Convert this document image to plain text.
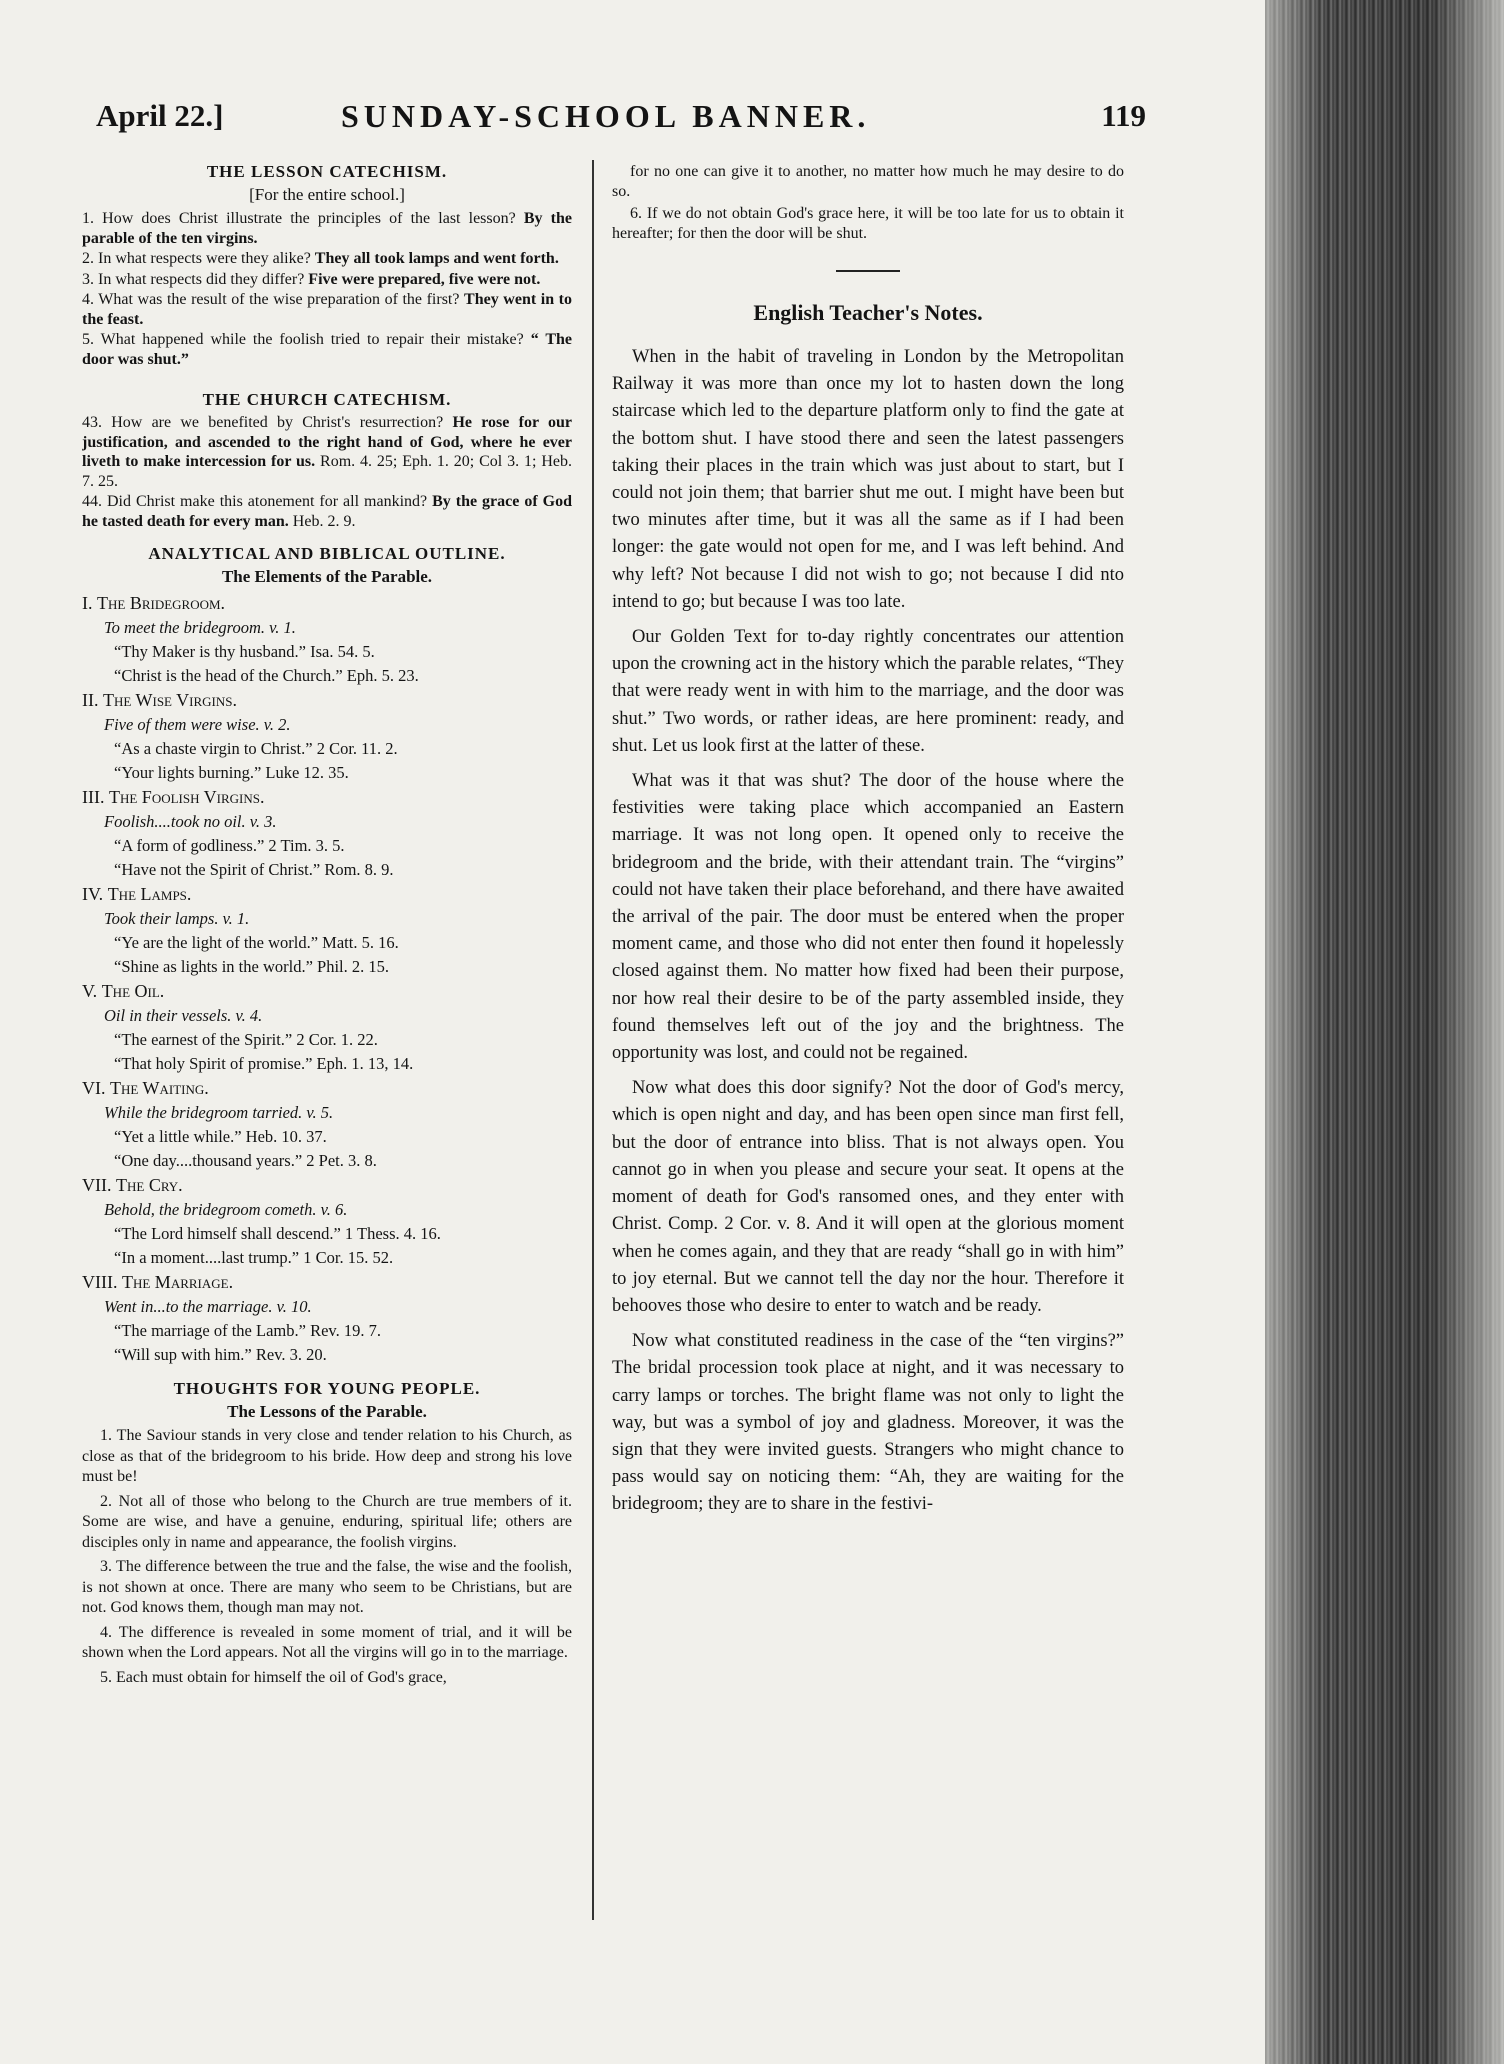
April 22.]	SUNDAY-SCHOOL BANNER.	119
THE LESSON CATECHISM.
[For the entire school.]
1. How does Christ illustrate the principles of the last lesson? By the parable of the ten virgins.
2. In what respects were they alike? They all took lamps and went forth.
3. In what respects did they differ? Five were prepared, five were not.
4. What was the result of the wise preparation of the first? They went in to the feast.
5. What happened while the foolish tried to repair their mistake? “ The door was shut.”
THE CHURCH CATECHISM.
43. How are we benefited by Christ's resurrection? He rose for our justification, and ascended to the right hand of God, where he ever liveth to make intercession for us. Rom. 4. 25; Eph. 1. 20; Col 3. 1; Heb. 7. 25.
44. Did Christ make this atonement for all mankind? By the grace of God he tasted death for every man. Heb. 2. 9.
ANALYTICAL AND BIBLICAL OUTLINE.
The Elements of the Parable.
I. The Bridegroom.
To meet the bridegroom. v. 1.
“Thy Maker is thy husband.” Isa. 54. 5.
“Christ is the head of the Church.” Eph. 5. 23.
II. The Wise Virgins.
Five of them were wise. v. 2.
“As a chaste virgin to Christ.” 2 Cor. 11. 2.
“Your lights burning.” Luke 12. 35.
III. The Foolish Virgins.
Foolish....took no oil. v. 3.
“A form of godliness.” 2 Tim. 3. 5.
“Have not the Spirit of Christ.” Rom. 8. 9.
IV. The Lamps.
Took their lamps. v. 1.
“Ye are the light of the world.” Matt. 5. 16.
“Shine as lights in the world.” Phil. 2. 15.
V. The Oil.
Oil in their vessels. v. 4.
“The earnest of the Spirit.” 2 Cor. 1. 22.
“That holy Spirit of promise.” Eph. 1. 13, 14.
VI. The Waiting.
While the bridegroom tarried. v. 5.
“Yet a little while.” Heb. 10. 37.
“One day....thousand years.” 2 Pet. 3. 8.
VII. The Cry.
Behold, the bridegroom cometh. v. 6.
“The Lord himself shall descend.” 1 Thess. 4. 16.
“In a moment....last trump.” 1 Cor. 15. 52.
VIII. The Marriage.
Went in...to the marriage. v. 10.
“The marriage of the Lamb.” Rev. 19. 7.
“Will sup with him.” Rev. 3. 20.
THOUGHTS FOR YOUNG PEOPLE.
The Lessons of the Parable.

1. The Saviour stands in very close and tender relation to his Church, as close as that of the bridegroom to his bride. How deep and strong his love must be!

2. Not all of those who belong to the Church are true members of it. Some are wise, and have a genuine, enduring, spiritual life; others are disciples only in name and appearance, the foolish virgins.

3. The difference between the true and the false, the wise and the foolish, is not shown at once. There are many who seem to be Christians, but are not. God knows them, though man may not.

4. The difference is revealed in some moment of trial, and it will be shown when the Lord appears. Not all the virgins will go in to the marriage.

5. Each must obtain for himself the oil of God's grace,

for no one can give it to another, no matter how much he may desire to do so.

6. If we do not obtain God's grace here, it will be too late for us to obtain it hereafter; for then the door will be shut.

English Teacher's Notes.

When in the habit of traveling in London by the Metropolitan Railway it was more than once my lot to hasten down the long staircase which led to the departure platform only to find the gate at the bottom shut. I have stood there and seen the latest passengers taking their places in the train which was just about to start, but I could not join them; that barrier shut me out. I might have been but two minutes after time, but it was all the same as if I had been longer: the gate would not open for me, and I was left behind. And why left? Not because I did not wish to go; not because I did nto intend to go; but because I was too late.

Our Golden Text for to-day rightly concentrates our attention upon the crowning act in the history which the parable relates, “They that were ready went in with him to the marriage, and the door was shut.” Two words, or rather ideas, are here prominent: ready, and shut. Let us look first at the latter of these.

What was it that was shut? The door of the house where the festivities were taking place which accompanied an Eastern marriage. It was not long open. It opened only to receive the bridegroom and the bride, with their attendant train. The “virgins” could not have taken their place beforehand, and there have awaited the arrival of the pair. The door must be entered when the proper moment came, and those who did not enter then found it hopelessly closed against them. No matter how fixed had been their purpose, nor how real their desire to be of the party assembled inside, they found themselves left out of the joy and the brightness. The opportunity was lost, and could not be regained.

Now what does this door signify? Not the door of God's mercy, which is open night and day, and has been open since man first fell, but the door of entrance into bliss. That is not always open. You cannot go in when you please and secure your seat. It opens at the moment of death for God's ransomed ones, and they enter with Christ. Comp. 2 Cor. v. 8. And it will open at the glorious moment when he comes again, and they that are ready “shall go in with him” to joy eternal. But we cannot tell the day nor the hour. Therefore it behooves those who desire to enter to watch and be ready.

Now what constituted readiness in the case of the “ten virgins?” The bridal procession took place at night, and it was necessary to carry lamps or torches. The bright flame was not only to light the way, but was a symbol of joy and gladness. Moreover, it was the sign that they were invited guests. Strangers who might chance to pass would say on noticing them: “Ah, they are waiting for the bridegroom; they are to share in the festivi-
